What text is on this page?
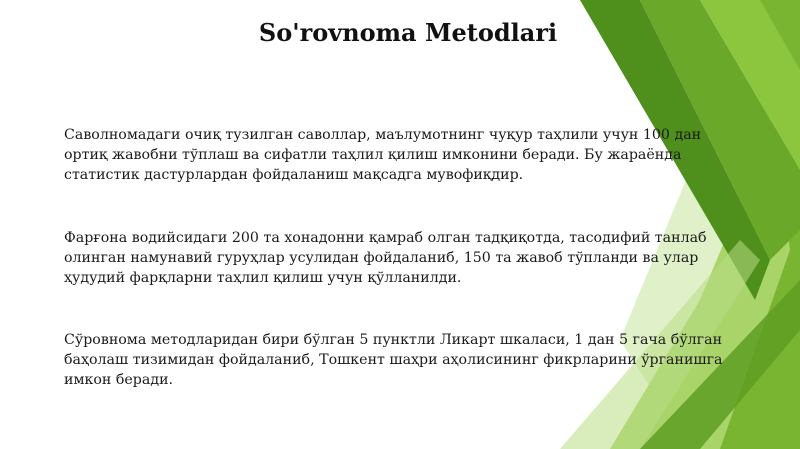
So'rovnoma Metodlari

Саволномадаги очиқ тузилган саволлар, маълумотнинг чуқур таҳлили учун 100 дан
ортиқ жавобни тўплаш ва сифатли таҳлил қилиш имконини беради. Бу жараёнда
статистик дастурлардан фойдаланиш мақсадга мувофиқдир.

Фарғона водийсидаги 200 та хонадонни қамраб олган тадқиқотда, тасодифий танлаб
олинган намунавий гуруҳлар усулидан фойдаланиб, 150 та жавоб тўпланди ва улар
ҳудудий фарқларни таҳлил қилиш учун қўлланилди.

Сўровнома методларидан бири бўлган 5 пунктли Ликарт шкаласи, 1 дан 5 гача бўлган
баҳолаш тизимидан фойдаланиб, Тошкент шаҳри аҳолисининг фикрларини ўрганишга
имкон беради.
